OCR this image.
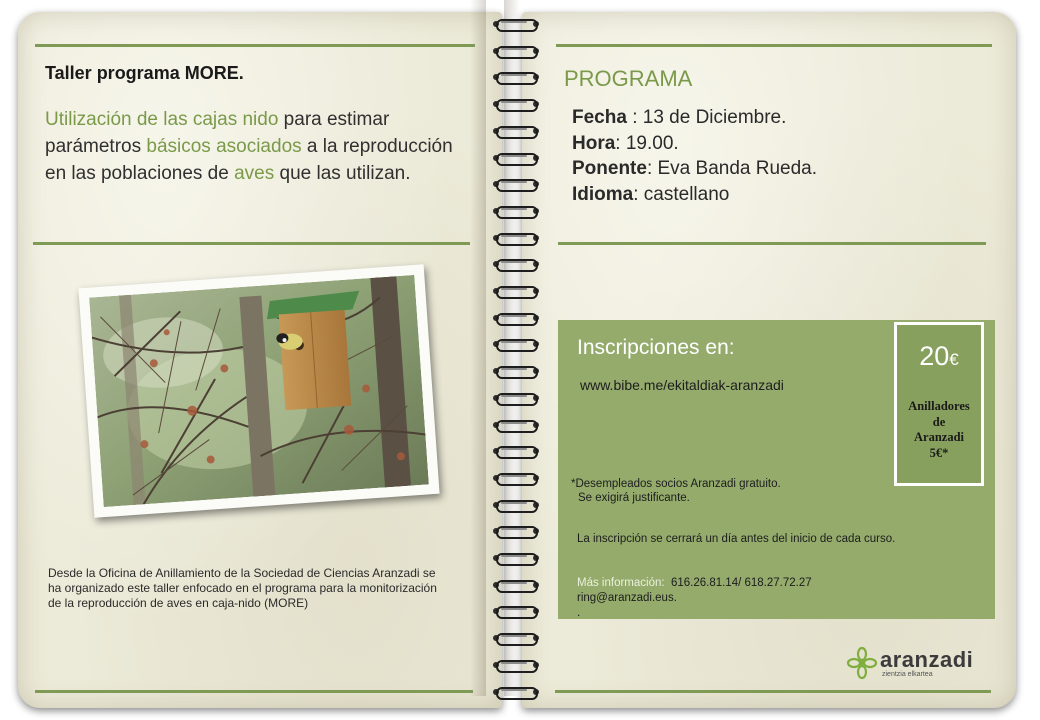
Taller programa MORE.
Utilización de las cajas nido para estimar parámetros básicos asociados a la reproducción en las poblaciones de aves que las utilizan.
Desde la Oficina de Anillamiento de la Sociedad de Ciencias Aranzadi se ha organizado este taller enfocado en el programa para la monitorización de la reproducción de aves en caja-nido (MORE)
PROGRAMA
Fecha : 13 de Diciembre.
Hora: 19.00.
Ponente: Eva Banda Rueda.
Idioma: castellano
Inscripciones en:
www.bibe.me/ekitaldiak-aranzadi
20€
Anilladores
de
Aranzadi
5€*
*Desempleados socios Aranzadi gratuito.
Se exigirá justificante.
La inscripción se cerrará un día antes del inicio de cada curso.
Más información: 616.26.81.14/ 618.27.72.27
ring@aranzadi.eus.
.
aranzadi
zientzia elkartea
